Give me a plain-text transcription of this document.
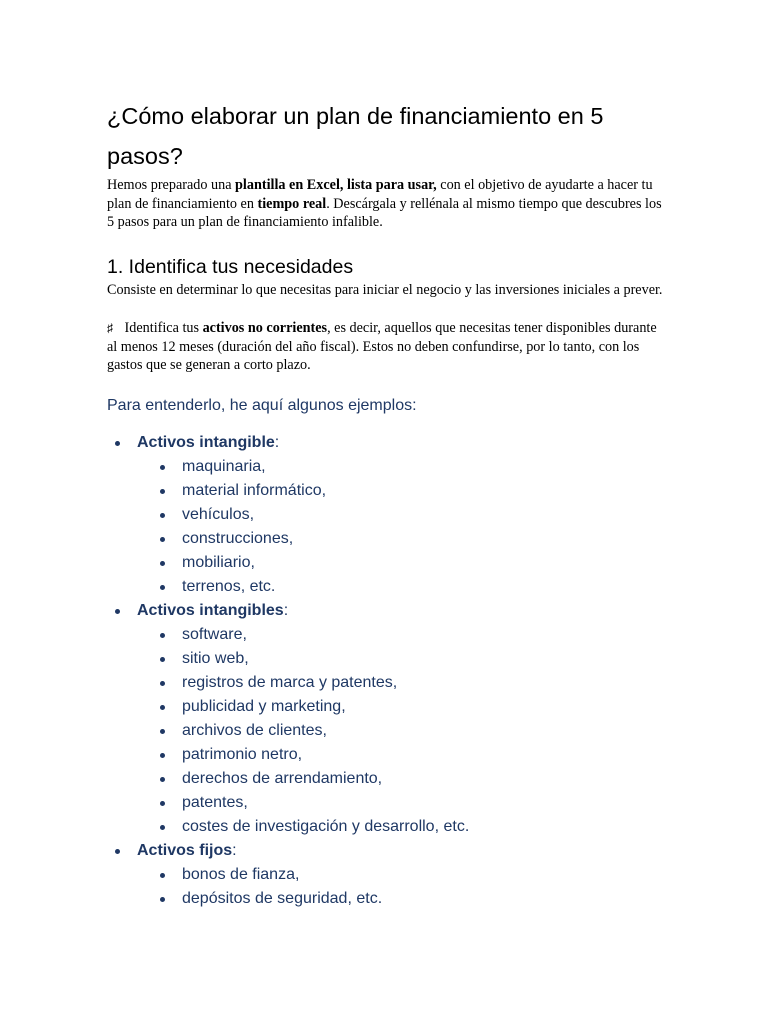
¿Cómo elaborar un plan de financiamiento en 5 pasos?

Hemos preparado una plantilla en Excel, lista para usar, con el objetivo de ayudarte a hacer tu plan de financiamiento en tiempo real. Descárgala y rellénala al mismo tiempo que descubres los 5 pasos para un plan de financiamiento infalible.

1. Identifica tus necesidades

Consiste en determinar lo que necesitas para iniciar el negocio y las inversiones iniciales a prever.

♯ Identifica tus activos no corrientes, es decir, aquellos que necesitas tener disponibles durante al menos 12 meses (duración del año fiscal). Estos no deben confundirse, por lo tanto, con los gastos que se generan a corto plazo.

Para entenderlo, he aquí algunos ejemplos:

Activos intangible:
maquinaria,
material informático,
vehículos,
construcciones,
mobiliario,
terrenos, etc.
Activos intangibles:
software,
sitio web,
registros de marca y patentes,
publicidad y marketing,
archivos de clientes,
patrimonio netro,
derechos de arrendamiento,
patentes,
costes de investigación y desarrollo, etc.
Activos fijos:
bonos de fianza,
depósitos de seguridad, etc.
